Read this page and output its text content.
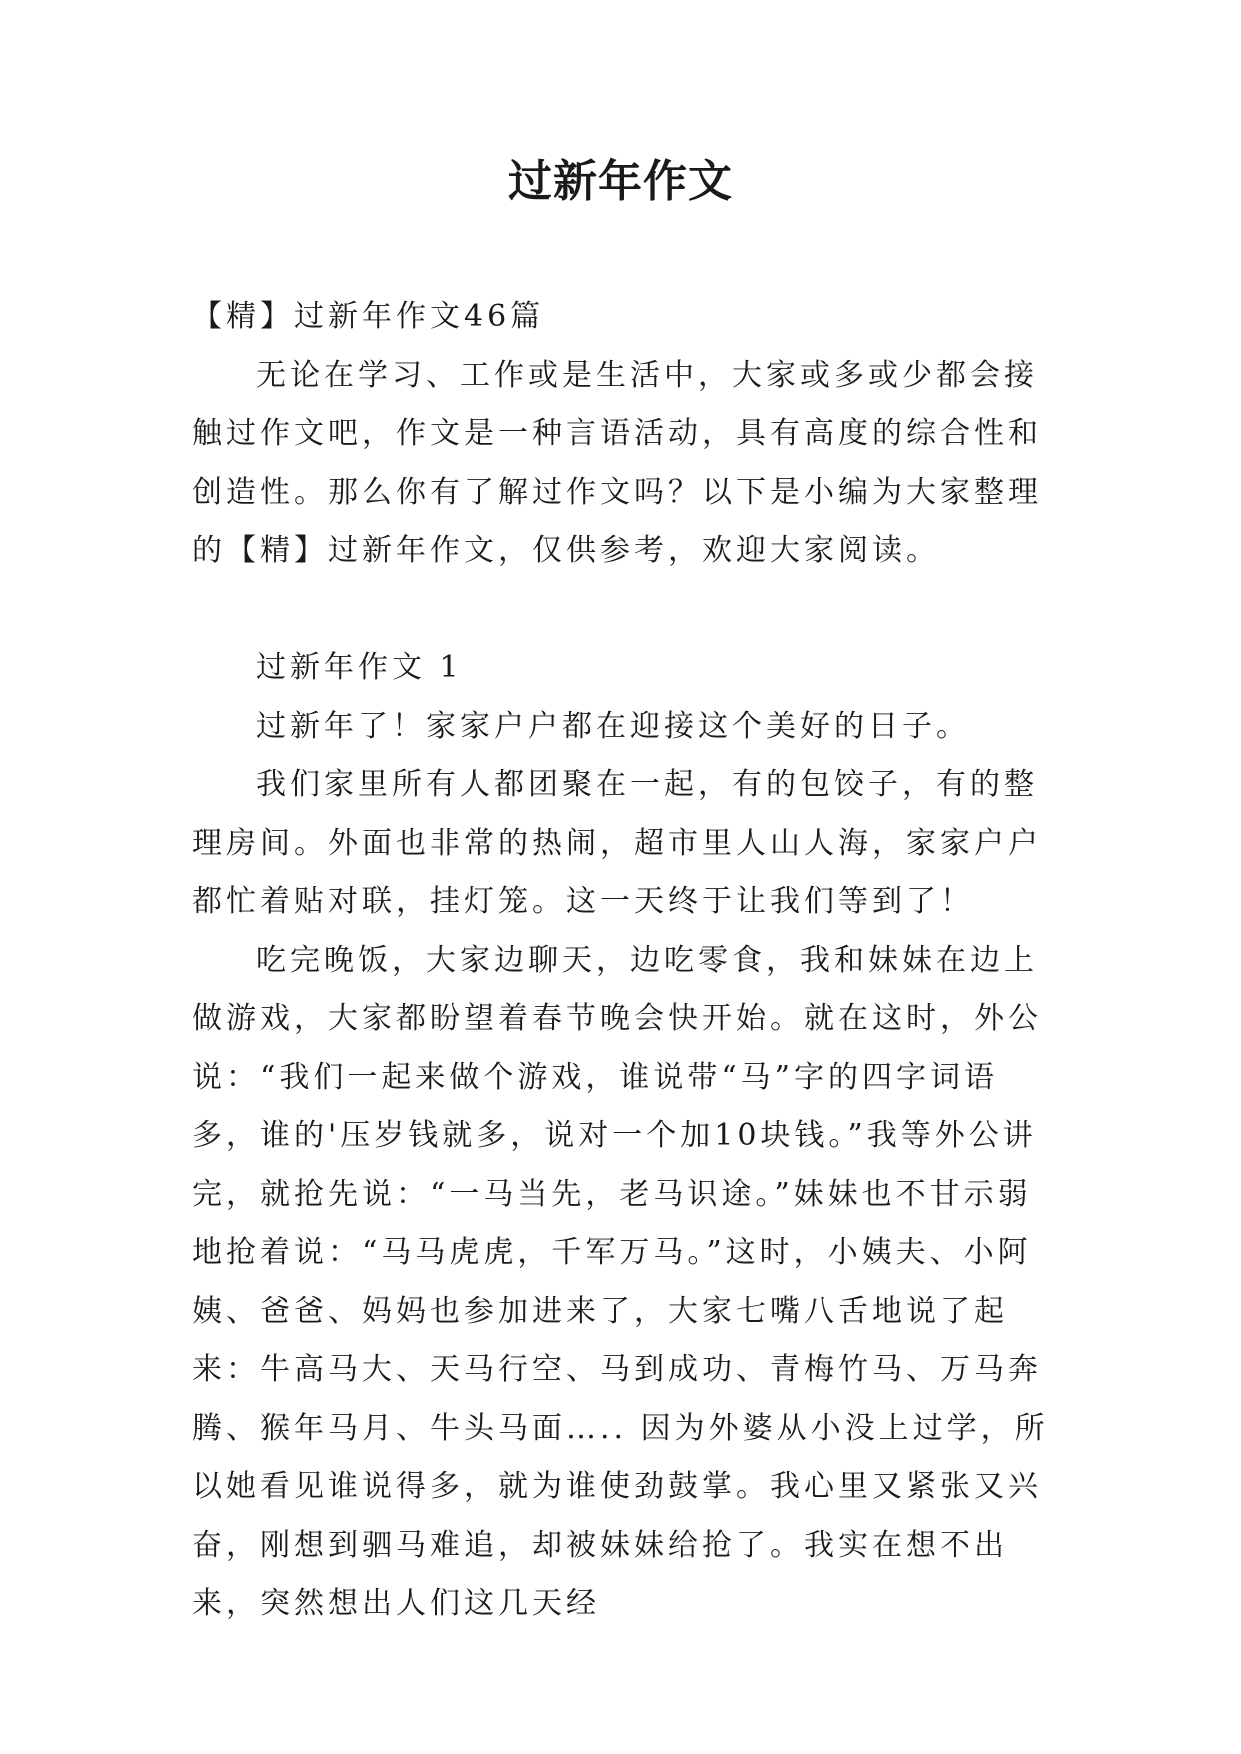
过新年作文

【精】过新年作文46篇

无论在学习、工作或是生活中，大家或多或少都会接触过作文吧，作文是一种言语活动，具有高度的综合性和创造性。那么你有了解过作文吗？以下是小编为大家整理的【精】过新年作文，仅供参考，欢迎大家阅读。

过新年作文 1

过新年了！家家户户都在迎接这个美好的日子。

我们家里所有人都团聚在一起，有的包饺子，有的整理房间。外面也非常的热闹，超市里人山人海，家家户户都忙着贴对联，挂灯笼。这一天终于让我们等到了！

吃完晚饭，大家边聊天，边吃零食，我和妹妹在边上做游戏，大家都盼望着春节晚会快开始。就在这时，外公说：“我们一起来做个游戏，谁说带“马”字的四字词语多，谁的'压岁钱就多，说对一个加10块钱。”我等外公讲完，就抢先说：“一马当先，老马识途。”妹妹也不甘示弱地抢着说：“马马虎虎，千军万马。”这时，小姨夫、小阿姨、爸爸、妈妈也参加进来了，大家七嘴八舌地说了起来：牛高马大、天马行空、马到成功、青梅竹马、万马奔腾、猴年马月、牛头马面….. 因为外婆从小没上过学，所以她看见谁说得多，就为谁使劲鼓掌。我心里又紧张又兴奋，刚想到驷马难追，却被妹妹给抢了。我实在想不出来，突然想出人们这几天经
